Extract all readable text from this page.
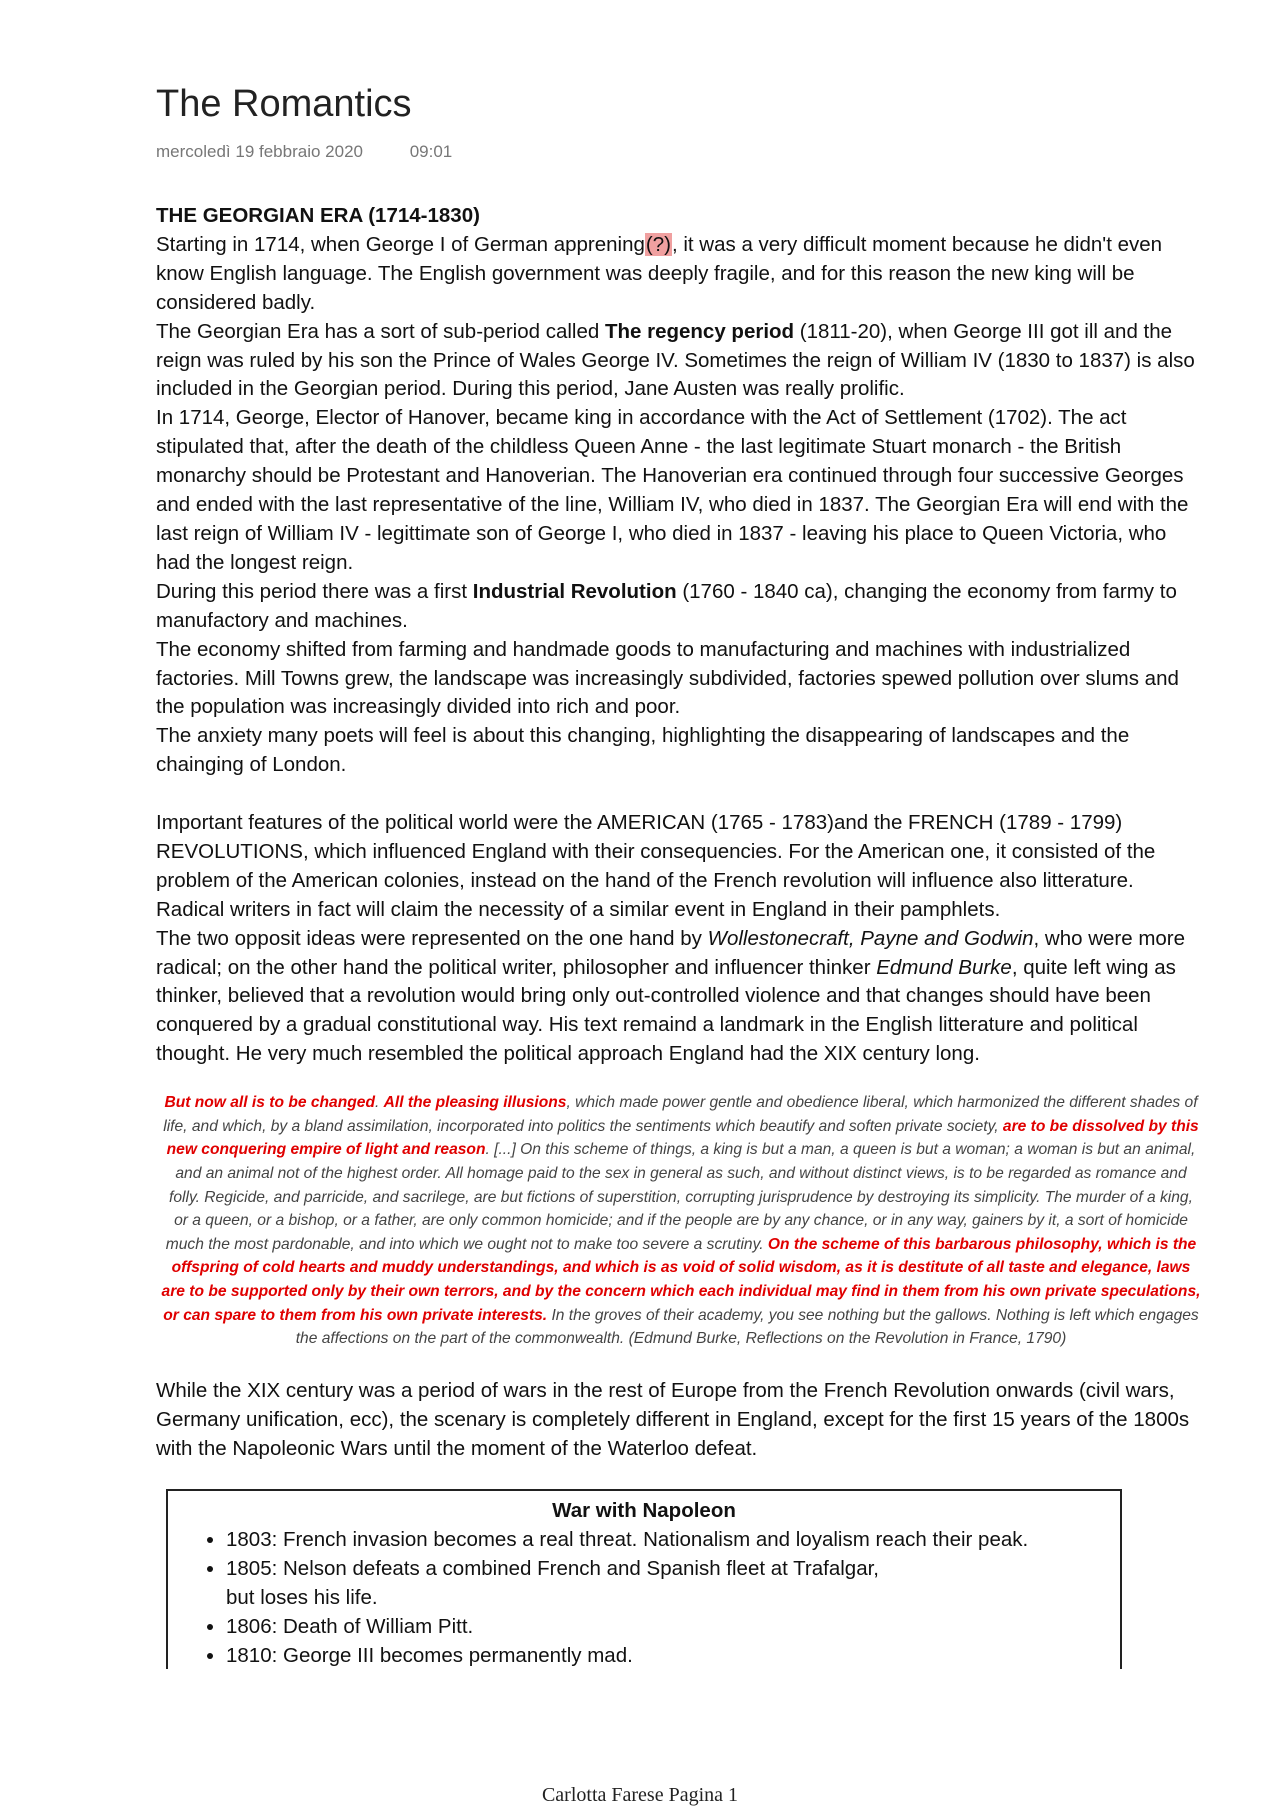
The Romantics
mercoledì 19 febbraio 2020	09:01

THE GEORGIAN ERA (1714-1830)

Starting in 1714, when George I of German apprening(?), it was a very difficult moment because he didn't even know English language. The English government was deeply fragile, and for this reason the new king will be considered badly.

The Georgian Era has a sort of sub-period called The regency period (1811-20), when George III got ill and the reign was ruled by his son the Prince of Wales George IV. Sometimes the reign of William IV (1830 to 1837) is also included in the Georgian period. During this period, Jane Austen was really prolific.

In 1714, George, Elector of Hanover, became king in accordance with the Act of Settlement (1702). The act stipulated that, after the death of the childless Queen Anne - the last legitimate Stuart monarch - the British monarchy should be Protestant and Hanoverian. The Hanoverian era continued through four successive Georges and ended with the last representative of the line, William IV, who died in 1837. The Georgian Era will end with the last reign of William IV - legittimate son of George I, who died in 1837 - leaving his place to Queen Victoria, who had the longest reign.

During this period there was a first Industrial Revolution (1760 - 1840 ca), changing the economy from farmy to manufactory and machines.

The economy shifted from farming and handmade goods to manufacturing and machines with industrialized factories. Mill Towns grew, the landscape was increasingly subdivided, factories spewed pollution over slums and the population was increasingly divided into rich and poor.

The anxiety many poets will feel is about this changing, highlighting the disappearing of landscapes and the chainging of London.

Important features of the political world were the AMERICAN (1765 - 1783)and the FRENCH (1789 - 1799) REVOLUTIONS, which influenced England with their consequencies. For the American one, it consisted of the problem of the American colonies, instead on the hand of the French revolution will influence also litterature. Radical writers in fact will claim the necessity of a similar event in England in their pamphlets.

The two opposit ideas were represented on the one hand by Wollestonecraft, Payne and Godwin, who were more radical; on the other hand the political writer, philosopher and influencer thinker Edmund Burke, quite left wing as thinker, believed that a revolution would bring only out-controlled violence and that changes should have been conquered by a gradual constitutional way. His text remaind a landmark in the English litterature and political thought. He very much resembled the political approach England had the XIX century long.

But now all is to be changed. All the pleasing illusions, which made power gentle and obedience liberal, which harmonized the different shades of life, and which, by a bland assimilation, incorporated into politics the sentiments which beautify and soften private society, are to be dissolved by this new conquering empire of light and reason. [...] On this scheme of things, a king is but a man, a queen is but a woman; a woman is but an animal, and an animal not of the highest order. All homage paid to the sex in general as such, and without distinct views, is to be regarded as romance and folly. Regicide, and parricide, and sacrilege, are but fictions of superstition, corrupting jurisprudence by destroying its simplicity. The murder of a king, or a queen, or a bishop, or a father, are only common homicide; and if the people are by any chance, or in any way, gainers by it, a sort of homicide much the most pardonable, and into which we ought not to make too severe a scrutiny. On the scheme of this barbarous philosophy, which is the offspring of cold hearts and muddy understandings, and which is as void of solid wisdom, as it is destitute of all taste and elegance, laws are to be supported only by their own terrors, and by the concern which each individual may find in them from his own private speculations, or can spare to them from his own private interests. In the groves of their academy, you see nothing but the gallows. Nothing is left which engages the affections on the part of the commonwealth. (Edmund Burke, Reflections on the Revolution in France, 1790)

While the XIX century was a period of wars in the rest of Europe from the French Revolution onwards (civil wars, Germany unification, ecc), the scenary is completely different in England, except for the first 15 years of the 1800s with the Napoleonic Wars until the moment of the Waterloo defeat.

War with Napoleon
• 1803: French invasion becomes a real threat. Nationalism and loyalism reach their peak.
• 1805: Nelson defeats a combined French and Spanish fleet at Trafalgar,
but loses his life.
• 1806: Death of William Pitt.
• 1810: George III becomes permanently mad.
Carlotta Farese Pagina 1
